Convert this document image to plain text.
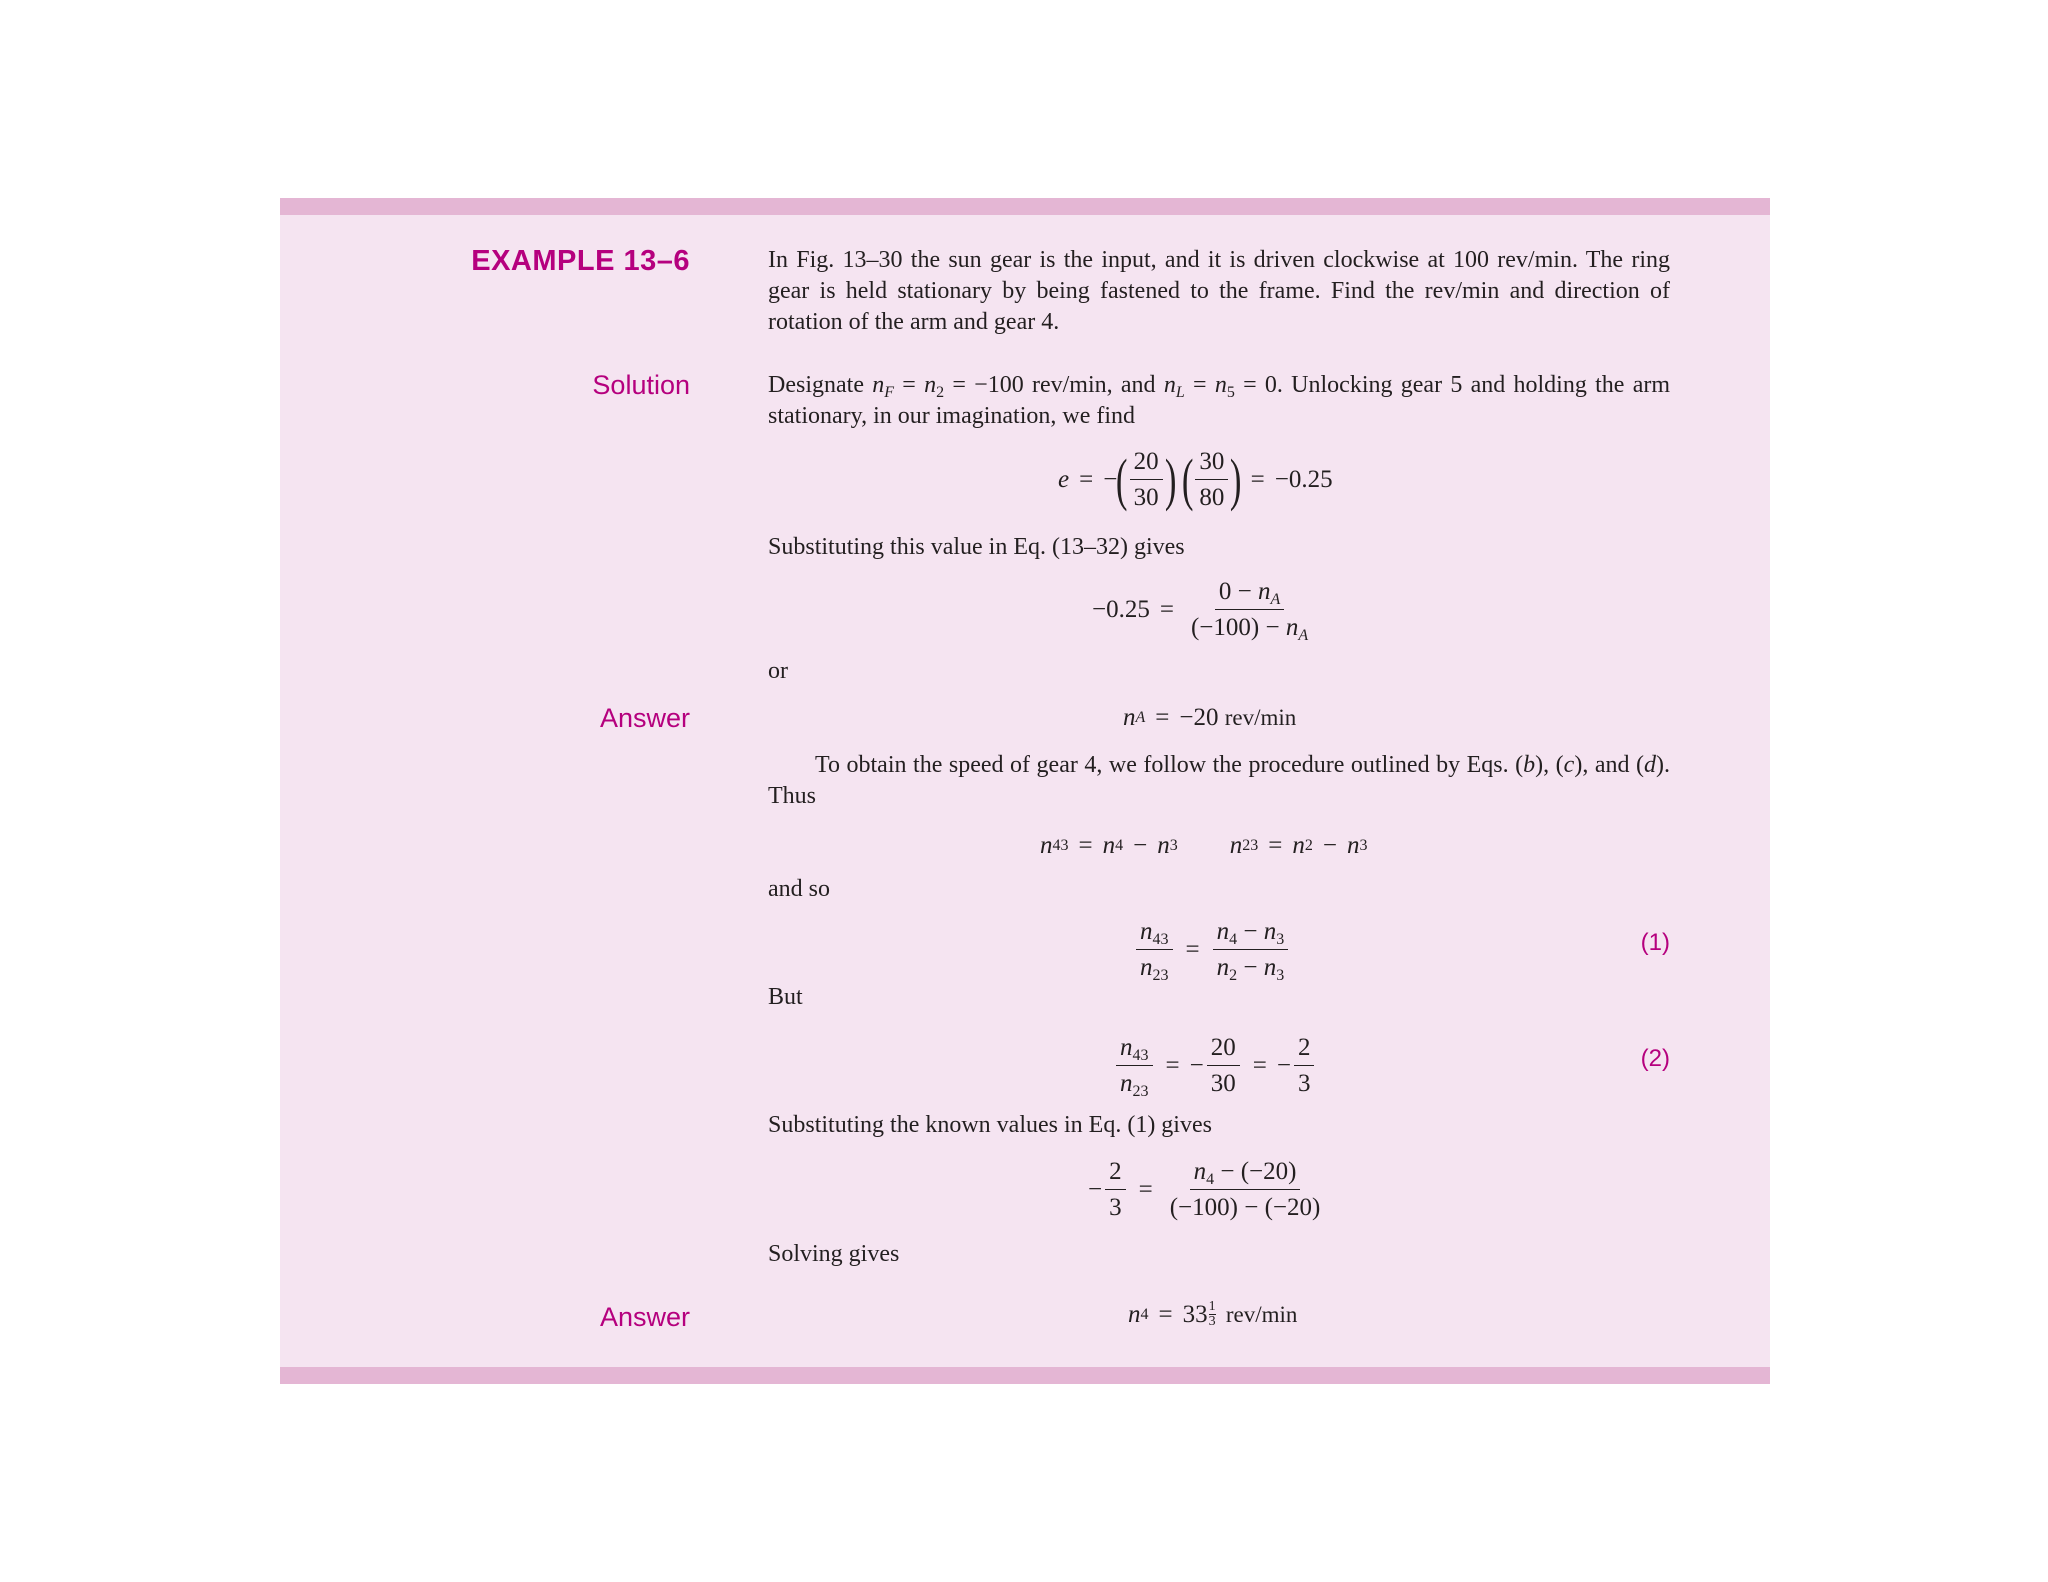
EXAMPLE 13–6	In Fig. 13–30 the sun gear is the input, and it is driven clockwise at 100 rev/min. The ring gear is held stationary by being fastened to the frame. Find the rev/min and direction of rotation of the arm and gear 4.
Solution	Designate $n_F = n_2 = -100$ rev/min, and $n_L = n_5 = 0$. Unlocking gear 5 and holding the arm stationary, in our imagination, we find
e = −
( $\frac{20}{30}$ ) ( $\frac{30}{80}$ ) = −0.25
Substituting this value in Eq. (13–32) gives
$-0.25 = \frac{0 - n_A}{(-100) - n_A}$
or
Answer	n A = −20
rev/min
To obtain the speed of gear 4, we follow the procedure outlined by Eqs. (b), (c), and (d). Thus
n 43 = n 4 − n 3 n 23 = n 2 − n 3
and so
$\frac{n_{43}}{n_{23}} = \frac{n_4 - n_3}{n_2 - n_3}$	(1)
But
$\frac{n_{43}}{n_{23}}$ = − $\frac{20}{30}$ = − $\frac{2}{3}$	(2)
Substituting the known values in Eq. (1) gives
− $\frac{2}{3} = \frac{n_4 - (-20)}{(-100) - (-20)}$
Solving gives
Answer	n 4 = 33 1
3
rev/min
